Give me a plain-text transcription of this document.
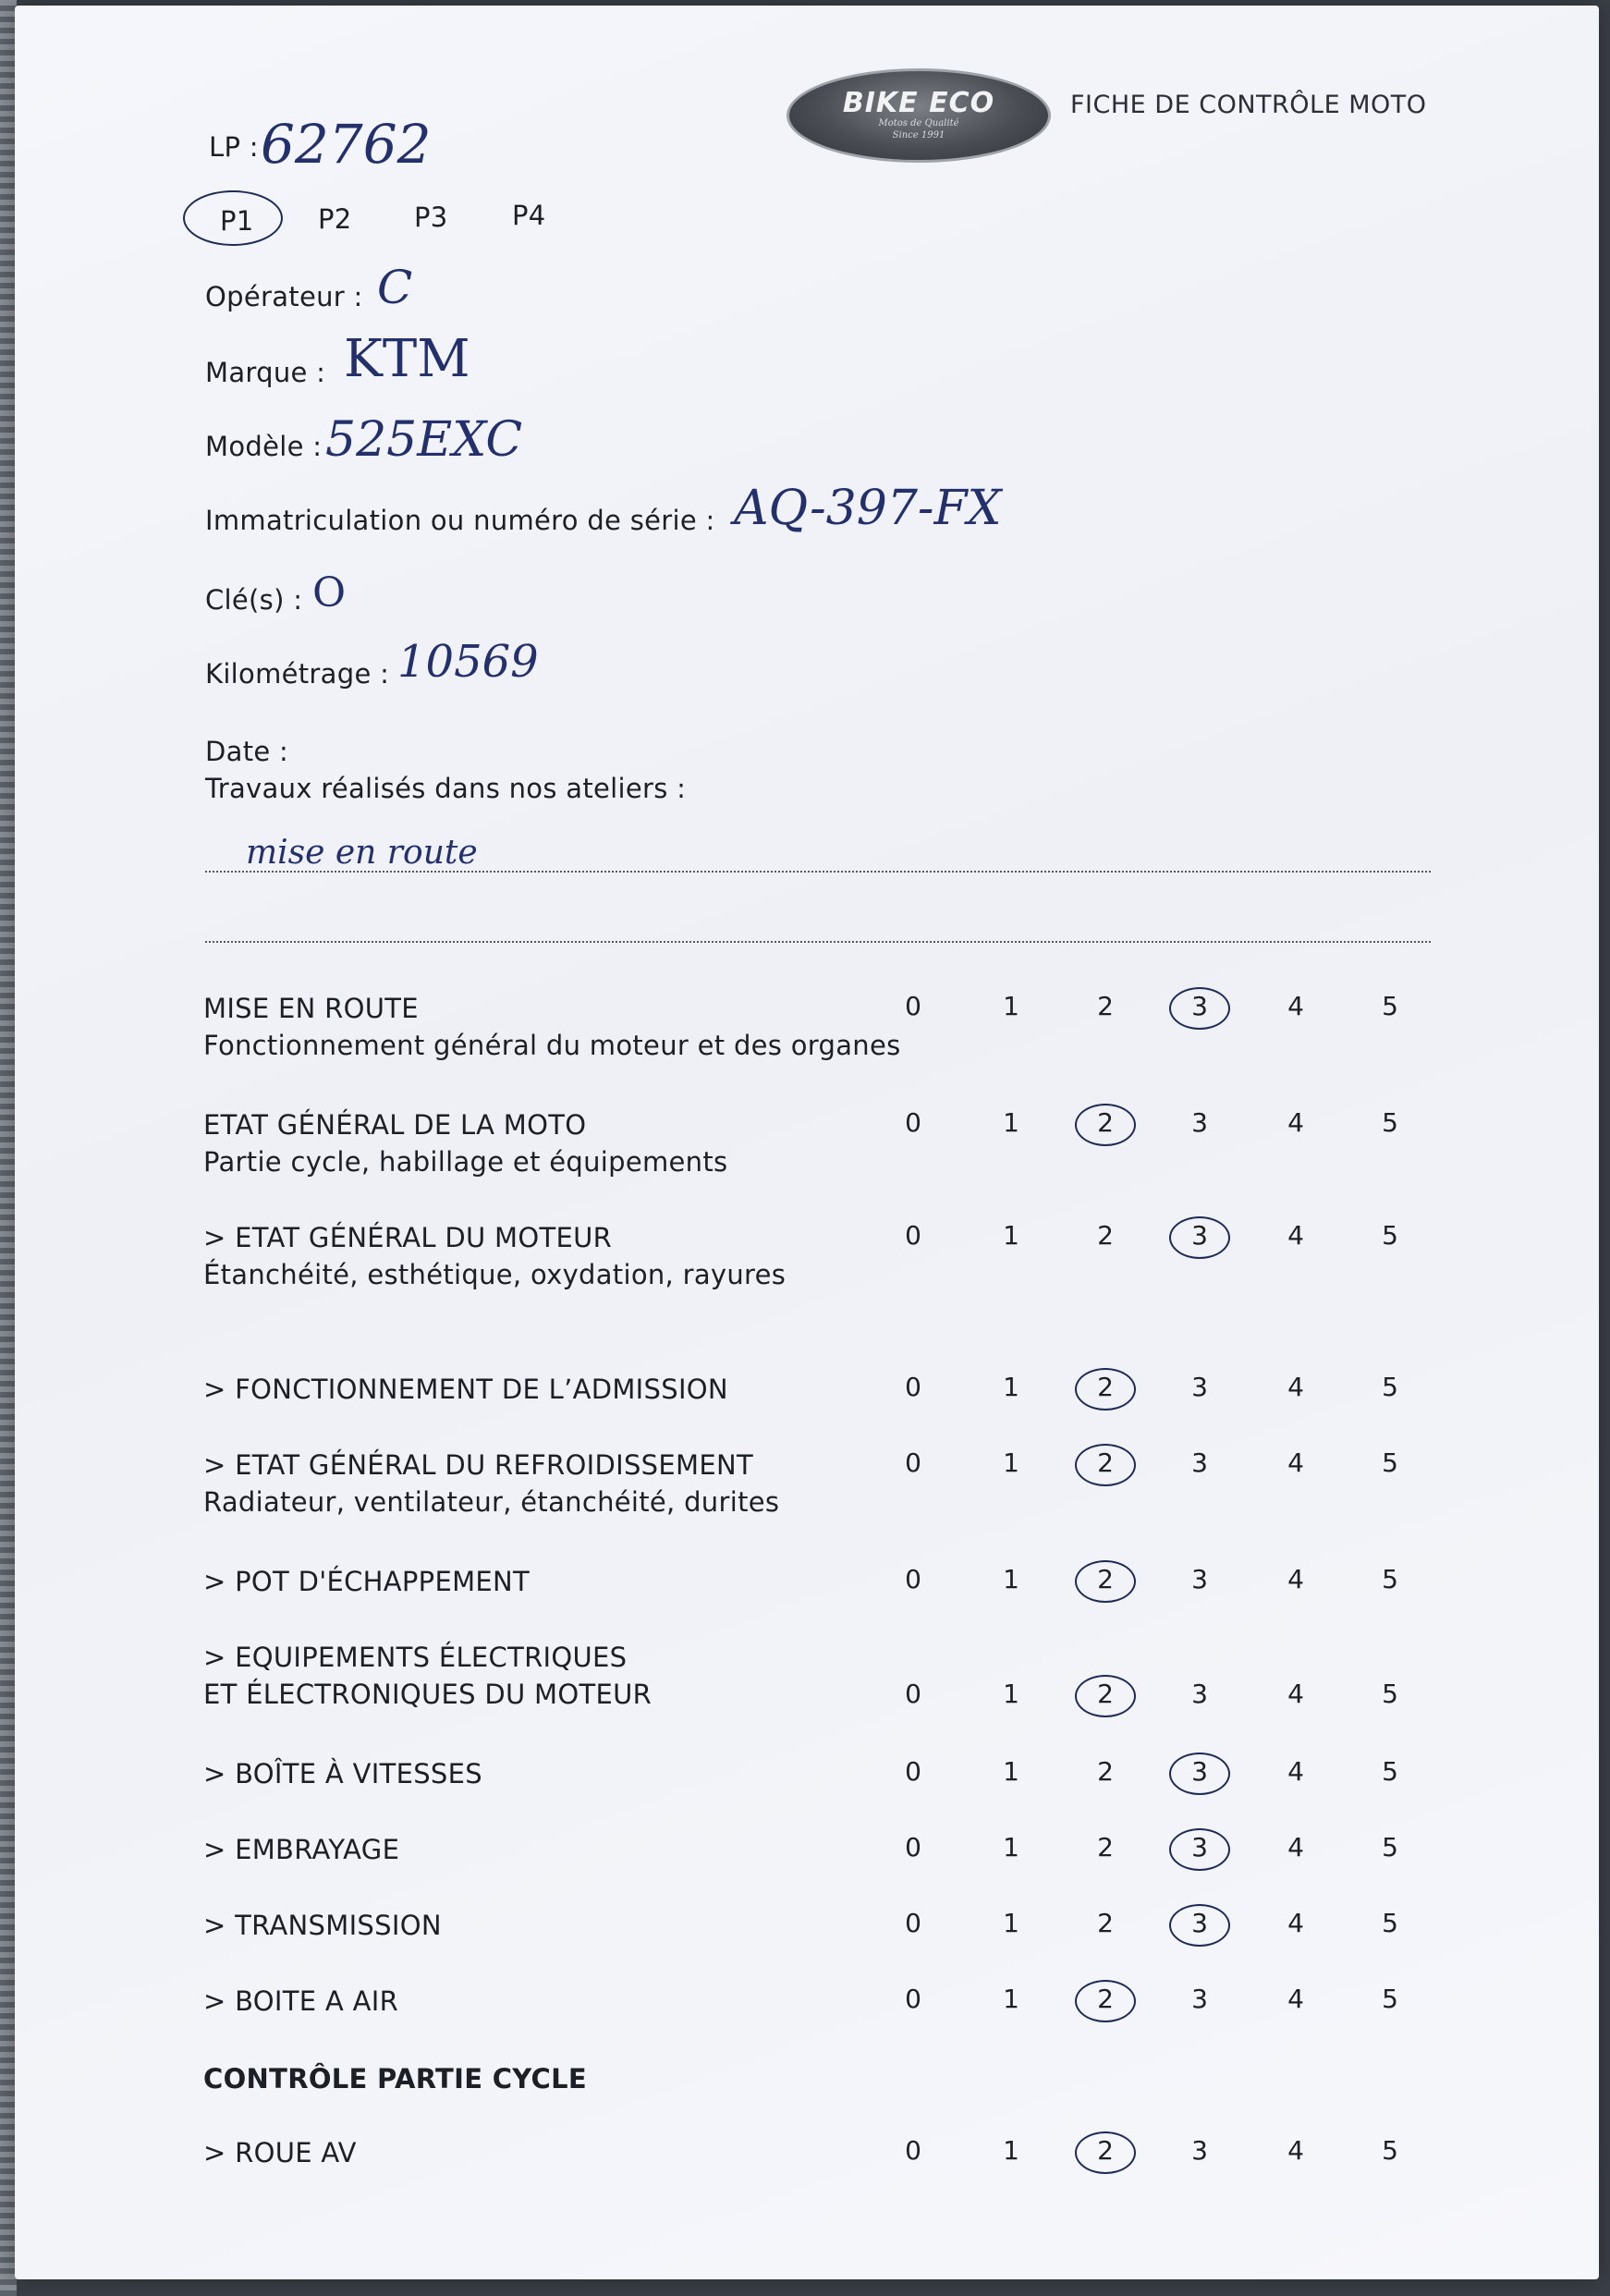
BIKE ECO
Motos de Qualité
Since 1991
FICHE DE CONTRÔLE MOTO
LP : 62762
P1 P2 P3 P4
Opérateur : C
Marque : KTM
Modèle : 525EXC
Immatriculation ou numéro de série : AQ-397-FX
Clé(s) : O
Kilométrage : 10569
Date :
Travaux réalisés dans nos ateliers :
mise en route
MISE EN ROUTE
Fonctionnement général du moteur et des organes
0	1	2	3	4	5
ETAT GÉNÉRAL DE LA MOTO
Partie cycle, habillage et équipements
0	1	2	3	4	5
> ETAT GÉNÉRAL DU MOTEUR
Étanchéité, esthétique, oxydation, rayures
0	1	2	3	4	5
> FONCTIONNEMENT DE L’ADMISSION	0	1	2	3	4	5
> ETAT GÉNÉRAL DU REFROIDISSEMENT
Radiateur, ventilateur, étanchéité, durites
0	1	2	3	4	5
> POT D'ÉCHAPPEMENT	0	1	2	3	4	5
> EQUIPEMENTS ÉLECTRIQUES
ET ÉLECTRONIQUES DU MOTEUR	0	1	2	3	4	5
> BOÎTE À VITESSES	0	1	2	3	4	5
> EMBRAYAGE	0	1	2	3	4	5
> TRANSMISSION	0	1	2	3	4	5
> BOITE A AIR	0	1	2	3	4	5
CONTRÔLE PARTIE CYCLE
> ROUE AV	0	1	2	3	4	5
